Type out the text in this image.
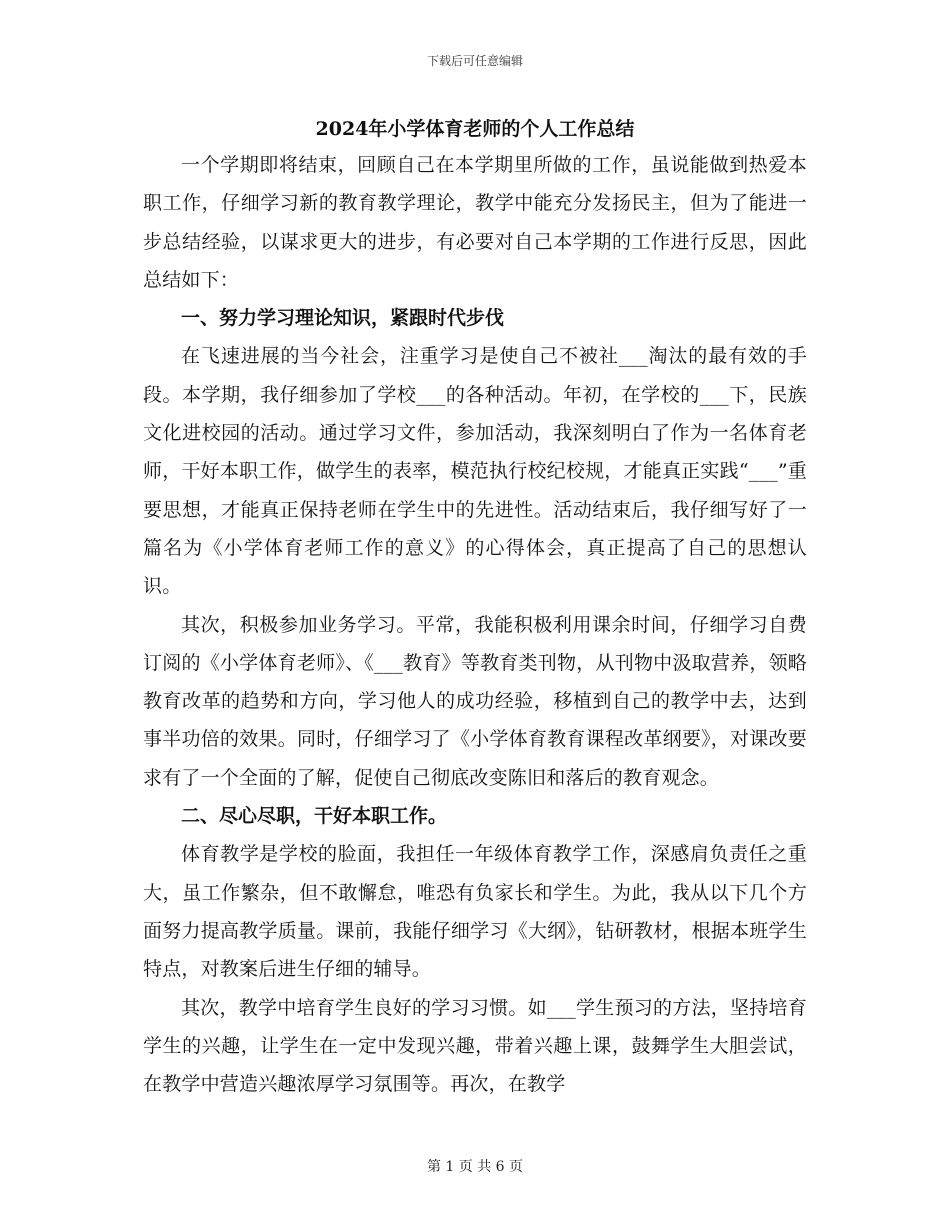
下载后可任意编辑
2024年小学体育老师的个人工作总结

一个学期即将结束，回顾自己在本学期里所做的工作，虽说能做到热爱本职工作，仔细学习新的教育教学理论，教学中能充分发扬民主，但为了能进一步总结经验，以谋求更大的进步，有必要对自己本学期的工作进行反思，因此总结如下：

一、努力学习理论知识，紧跟时代步伐

在飞速进展的当今社会，注重学习是使自己不被社___淘汰的最有效的手段。本学期，我仔细参加了学校___的各种活动。年初，在学校的___下，民族文化进校园的活动。通过学习文件，参加活动，我深刻明白了作为一名体育老师，干好本职工作，做学生的表率，模范执行校纪校规，才能真正实践“___”重要思想，才能真正保持老师在学生中的先进性。活动结束后，我仔细写好了一篇名为《小学体育老师工作的意义》的心得体会，真正提高了自己的思想认识。

其次，积极参加业务学习。平常，我能积极利用课余时间，仔细学习自费订阅的《小学体育老师》、《___教育》等教育类刊物，从刊物中汲取营养，领略教育改革的趋势和方向，学习他人的成功经验，移植到自己的教学中去，达到事半功倍的效果。同时，仔细学习了《小学体育教育课程改革纲要》，对课改要求有了一个全面的了解，促使自己彻底改变陈旧和落后的教育观念。

二、尽心尽职，干好本职工作。

体育教学是学校的脸面，我担任一年级体育教学工作，深感肩负责任之重大，虽工作繁杂，但不敢懈怠，唯恐有负家长和学生。为此，我从以下几个方面努力提高教学质量。课前，我能仔细学习《大纲》，钻研教材，根据本班学生特点，对教案后进生仔细的辅导。

其次，教学中培育学生良好的学习习惯。如___学生预习的方法，坚持培育学生的兴趣，让学生在一定中发现兴趣，带着兴趣上课，鼓舞学生大胆尝试，在教学中营造兴趣浓厚学习氛围等。再次，在教学

第 1 页 共 6 页
